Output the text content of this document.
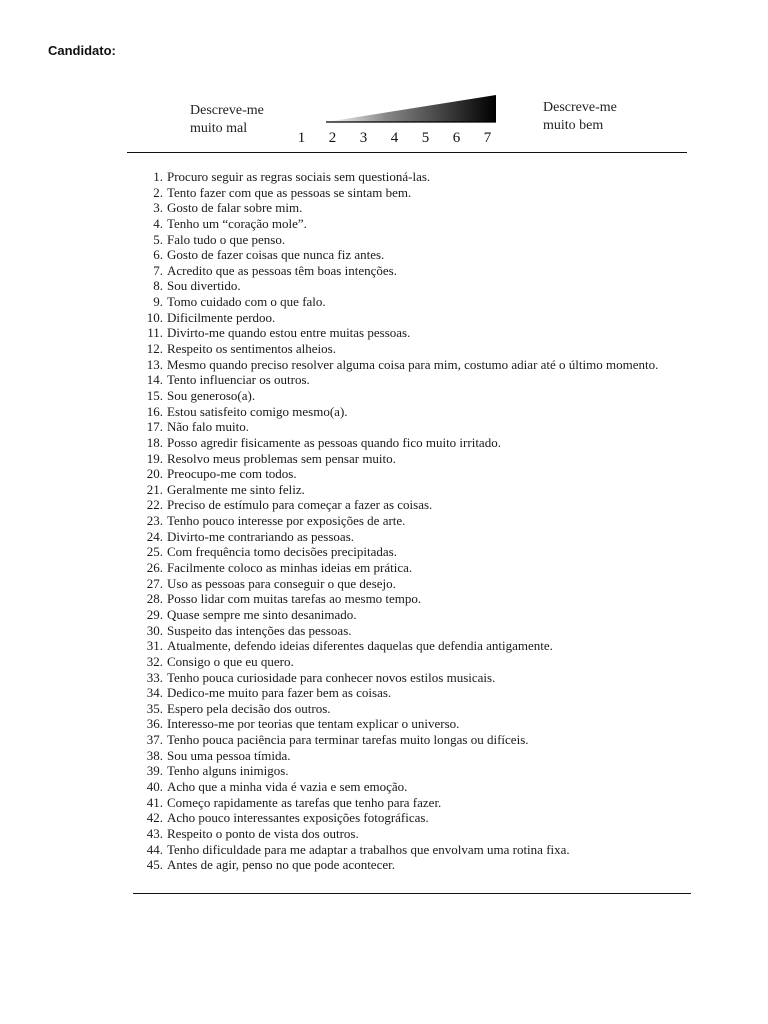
Candidato:
Descreve-me
muito mal
Descreve-me
muito bem
1	2	3	4	5	6	7
1. Procuro seguir as regras sociais sem questioná-las.
2. Tento fazer com que as pessoas se sintam bem.
3. Gosto de falar sobre mim.
4. Tenho um “coração mole”.
5. Falo tudo o que penso.
6. Gosto de fazer coisas que nunca fiz antes.
7. Acredito que as pessoas têm boas intenções.
8. Sou divertido.
9. Tomo cuidado com o que falo.
10. Dificilmente perdoo.
11. Divirto-me quando estou entre muitas pessoas.
12. Respeito os sentimentos alheios.
13. Mesmo quando preciso resolver alguma coisa para mim, costumo adiar até o último momento.
14. Tento influenciar os outros.
15. Sou generoso(a).
16. Estou satisfeito comigo mesmo(a).
17. Não falo muito.
18. Posso agredir fisicamente as pessoas quando fico muito irritado.
19. Resolvo meus problemas sem pensar muito.
20. Preocupo-me com todos.
21. Geralmente me sinto feliz.
22. Preciso de estímulo para começar a fazer as coisas.
23. Tenho pouco interesse por exposições de arte.
24. Divirto-me contrariando as pessoas.
25. Com frequência tomo decisões precipitadas.
26. Facilmente coloco as minhas ideias em prática.
27. Uso as pessoas para conseguir o que desejo.
28. Posso lidar com muitas tarefas ao mesmo tempo.
29. Quase sempre me sinto desanimado.
30. Suspeito das intenções das pessoas.
31. Atualmente, defendo ideias diferentes daquelas que defendia antigamente.
32. Consigo o que eu quero.
33. Tenho pouca curiosidade para conhecer novos estilos musicais.
34. Dedico-me muito para fazer bem as coisas.
35. Espero pela decisão dos outros.
36. Interesso-me por teorias que tentam explicar o universo.
37. Tenho pouca paciência para terminar tarefas muito longas ou difíceis.
38. Sou uma pessoa tímida.
39. Tenho alguns inimigos.
40. Acho que a minha vida é vazia e sem emoção.
41. Começo rapidamente as tarefas que tenho para fazer.
42. Acho pouco interessantes exposições fotográficas.
43. Respeito o ponto de vista dos outros.
44. Tenho dificuldade para me adaptar a trabalhos que envolvam uma rotina fixa.
45. Antes de agir, penso no que pode acontecer.
